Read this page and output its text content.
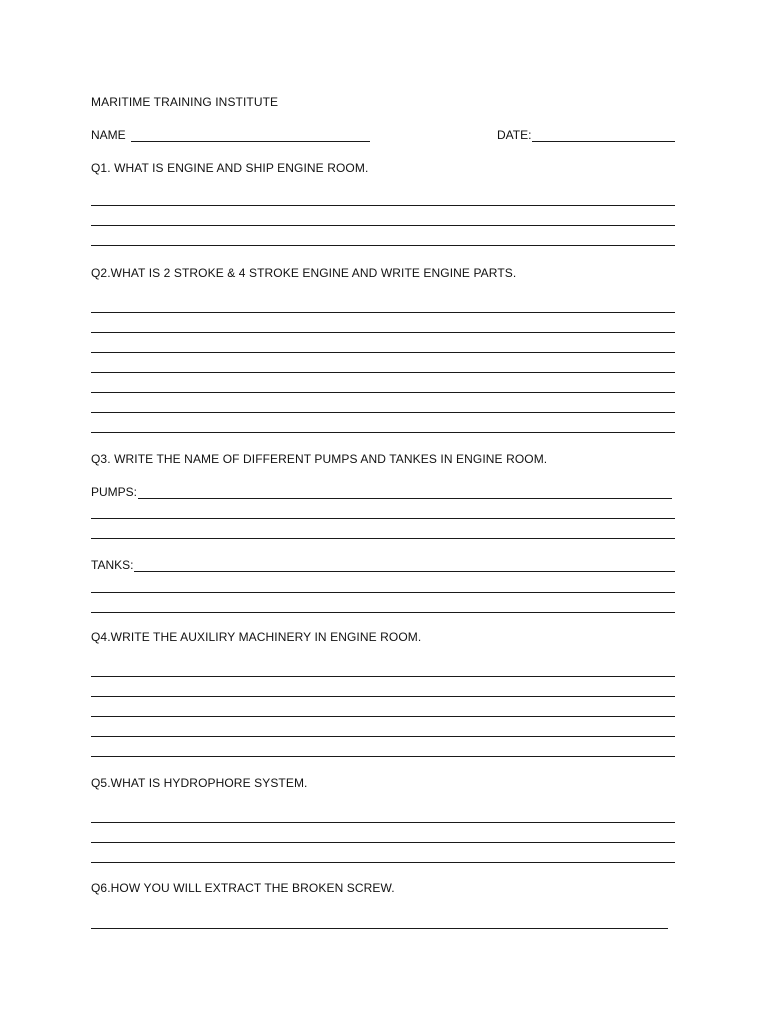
MARITIME TRAINING INSTITUTE
NAME	DATE:
Q1. WHAT IS ENGINE AND SHIP ENGINE ROOM.
Q2.WHAT IS 2 STROKE & 4 STROKE ENGINE AND WRITE ENGINE PARTS.
Q3. WRITE THE NAME OF DIFFERENT PUMPS AND TANKES IN ENGINE ROOM.
PUMPS:
TANKS:
Q4.WRITE THE AUXILIRY MACHINERY IN ENGINE ROOM.
Q5.WHAT IS HYDROPHORE SYSTEM.
Q6.HOW YOU WILL EXTRACT THE BROKEN SCREW.
